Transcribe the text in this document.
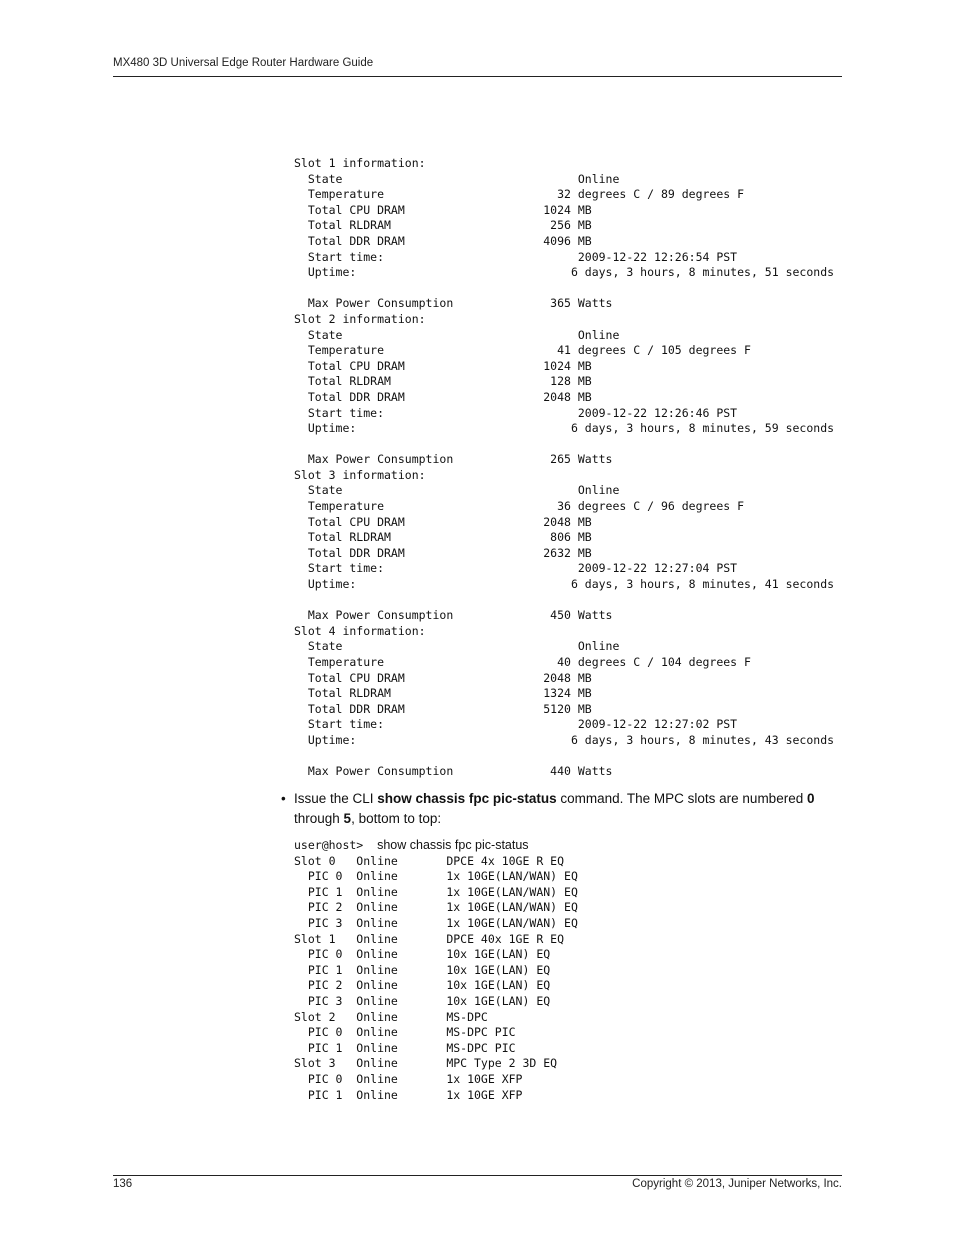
MX480 3D Universal Edge Router Hardware Guide
Slot 1 information:
State                                  Online
Temperature                         32 degrees C / 89 degrees F
Total CPU DRAM                    1024 MB
Total RLDRAM                       256 MB
Total DDR DRAM                    4096 MB
Start time:                            2009-12-22 12:26:54 PST
Uptime:                               6 days, 3 hours, 8 minutes, 51 seconds

Max Power Consumption              365 Watts
Slot 2 information:
State                                  Online
Temperature                         41 degrees C / 105 degrees F
Total CPU DRAM                    1024 MB
Total RLDRAM                       128 MB
Total DDR DRAM                    2048 MB
Start time:                            2009-12-22 12:26:46 PST
Uptime:                               6 days, 3 hours, 8 minutes, 59 seconds

Max Power Consumption              265 Watts
Slot 3 information:
State                                  Online
Temperature                         36 degrees C / 96 degrees F
Total CPU DRAM                    2048 MB
Total RLDRAM                       806 MB
Total DDR DRAM                    2632 MB
Start time:                            2009-12-22 12:27:04 PST
Uptime:                               6 days, 3 hours, 8 minutes, 41 seconds

Max Power Consumption              450 Watts
Slot 4 information:
State                                  Online
Temperature                         40 degrees C / 104 degrees F
Total CPU DRAM                    2048 MB
Total RLDRAM                      1324 MB
Total DDR DRAM                    5120 MB
Start time:                            2009-12-22 12:27:02 PST
Uptime:                               6 days, 3 hours, 8 minutes, 43 seconds

Max Power Consumption              440 Watts
• Issue the CLI show chassis fpc pic-status command. The MPC slots are numbered 0 through 5, bottom to top:
user@host>  show chassis fpc pic-status
Slot 0   Online       DPCE 4x 10GE R EQ
PIC 0  Online       1x 10GE(LAN/WAN) EQ
PIC 1  Online       1x 10GE(LAN/WAN) EQ
PIC 2  Online       1x 10GE(LAN/WAN) EQ
PIC 3  Online       1x 10GE(LAN/WAN) EQ
Slot 1   Online       DPCE 40x 1GE R EQ
PIC 0  Online       10x 1GE(LAN) EQ
PIC 1  Online       10x 1GE(LAN) EQ
PIC 2  Online       10x 1GE(LAN) EQ
PIC 3  Online       10x 1GE(LAN) EQ
Slot 2   Online       MS-DPC
PIC 0  Online       MS-DPC PIC
PIC 1  Online       MS-DPC PIC
Slot 3   Online       MPC Type 2 3D EQ
PIC 0  Online       1x 10GE XFP
PIC 1  Online       1x 10GE XFP
136	Copyright © 2013, Juniper Networks, Inc.
